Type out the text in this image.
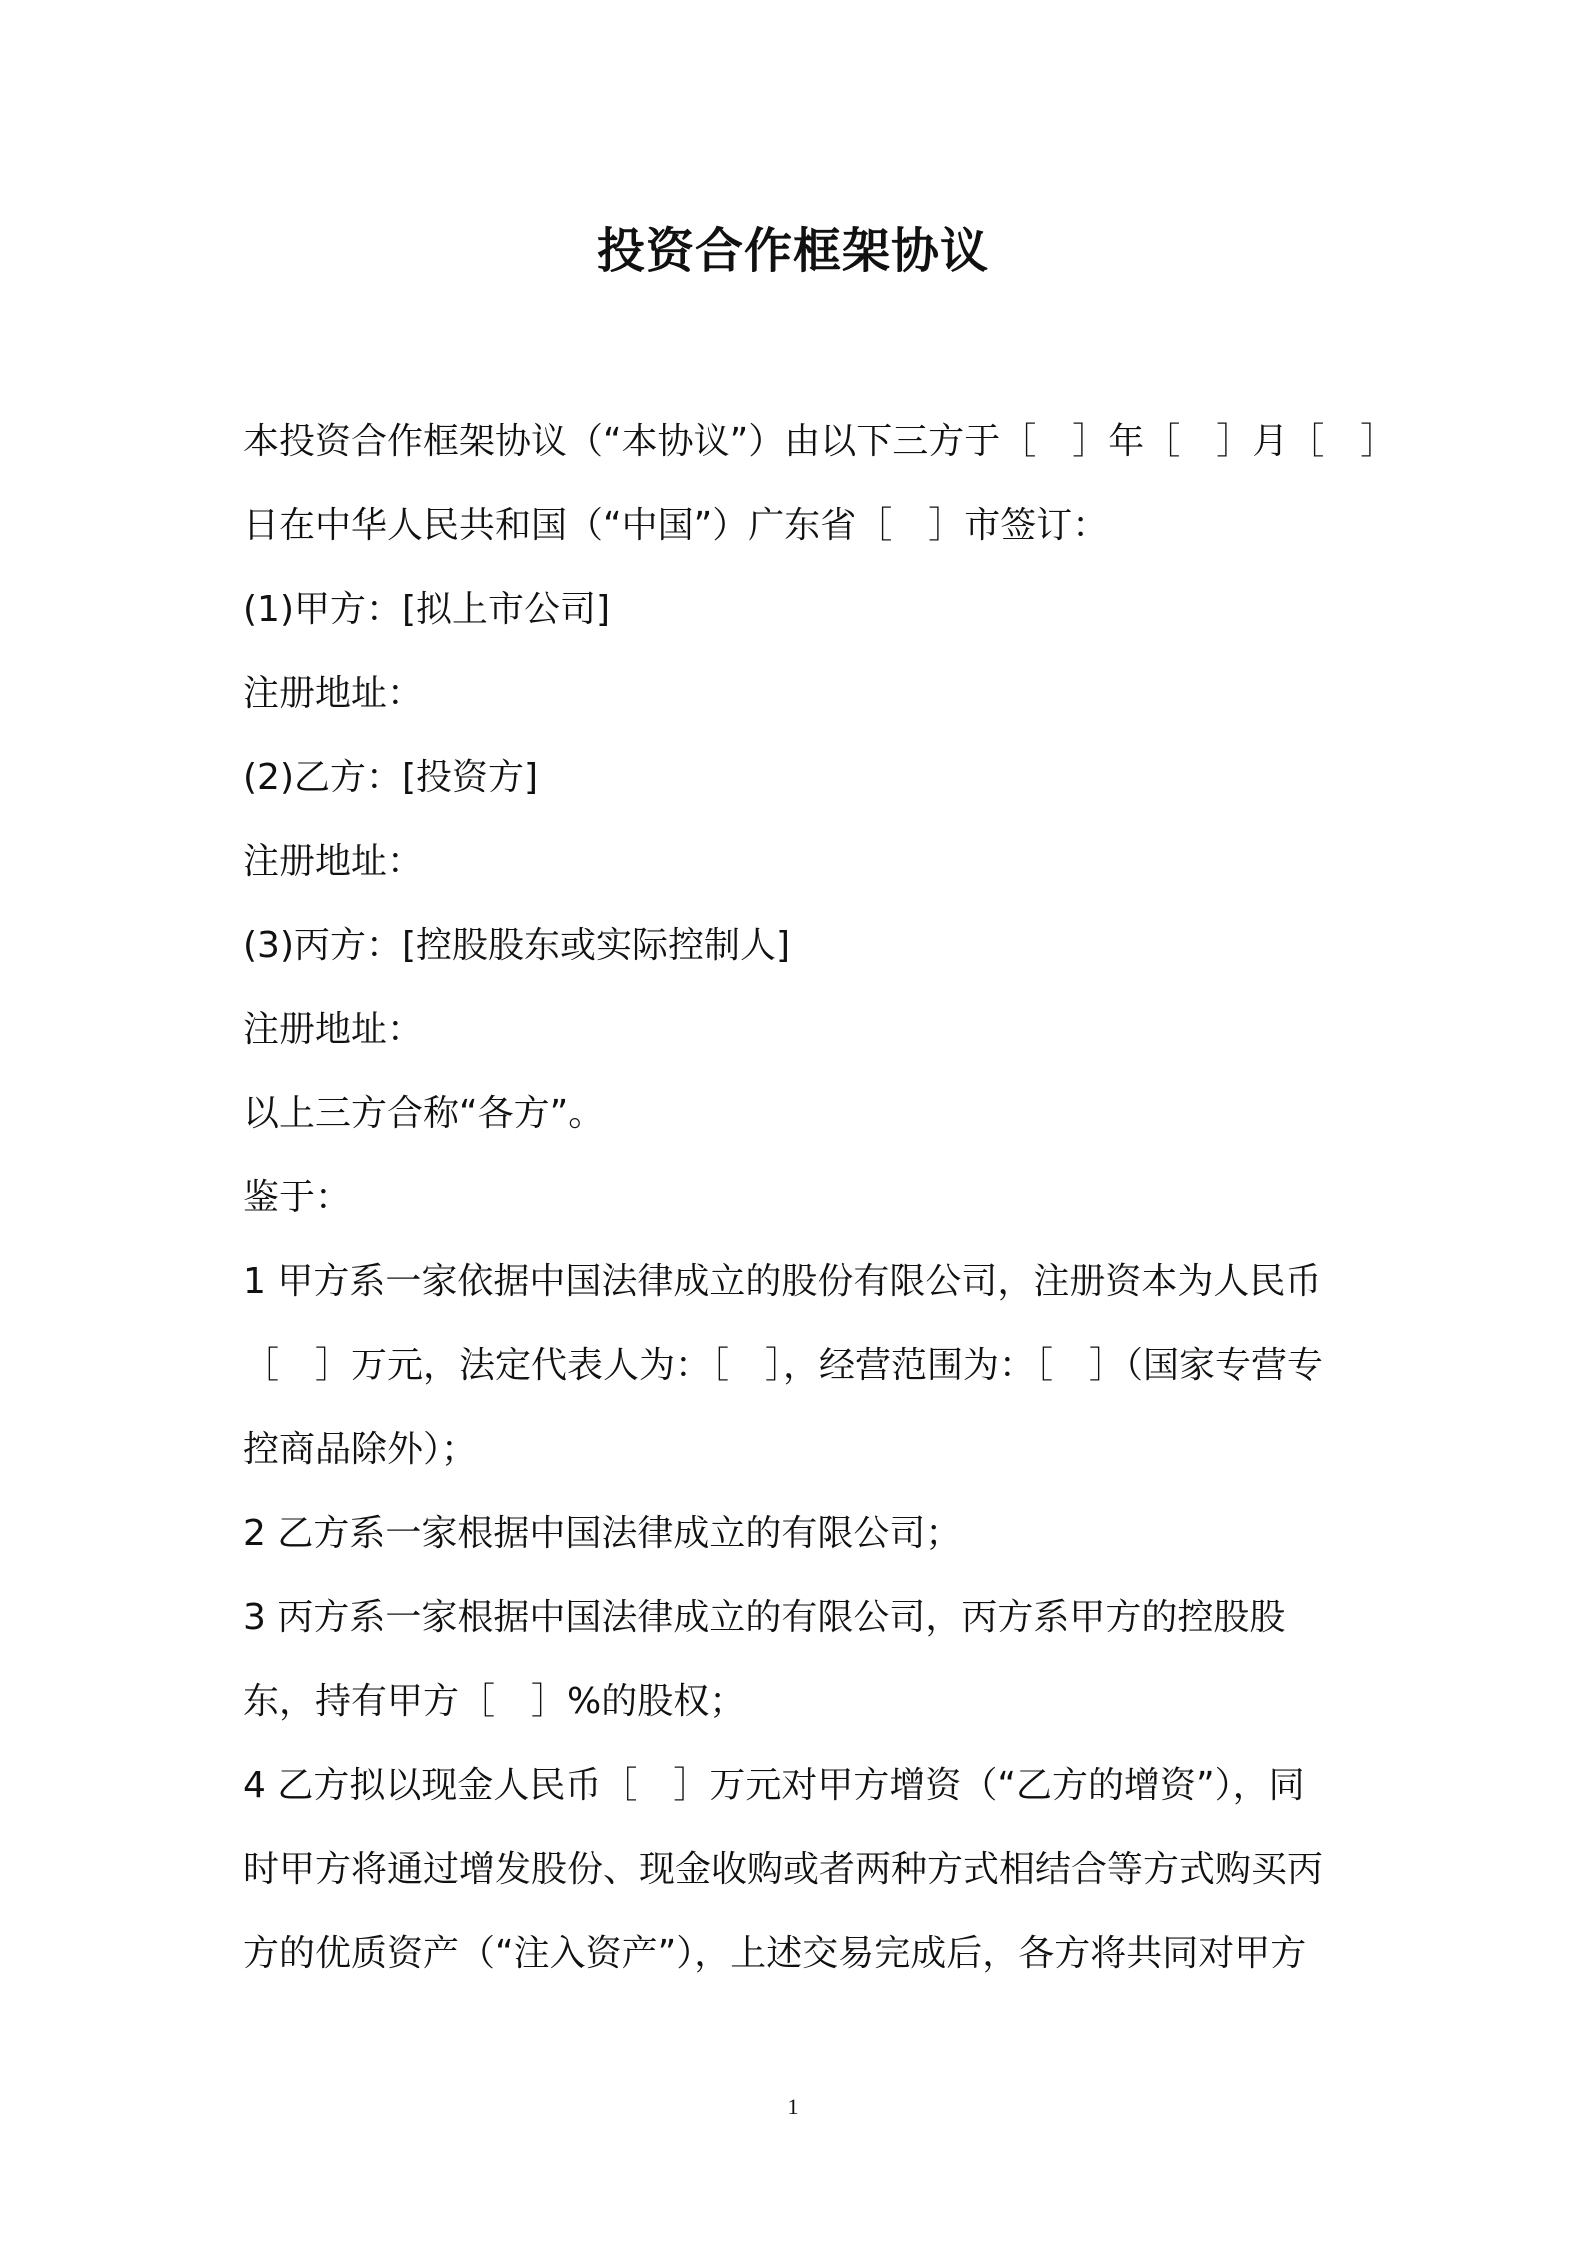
投资合作框架协议
本投资合作框架协议（“本协议”）由以下三方于［　］年［　］月［　］
日在中华人民共和国（“中国”）广东省［　］市签订：
(1)甲方：[拟上市公司]
注册地址：
(2)乙方：[投资方]
注册地址：
(3)丙方：[控股股东或实际控制人]
注册地址：
以上三方合称“各方”。
鉴于：
1 甲方系一家依据中国法律成立的股份有限公司，注册资本为人民币
［　］万元，法定代表人为：［　］，经营范围为：［　］（国家专营专
控商品除外）；
2 乙方系一家根据中国法律成立的有限公司；
3 丙方系一家根据中国法律成立的有限公司，丙方系甲方的控股股
东，持有甲方［　］%的股权；
4 乙方拟以现金人民币［　］万元对甲方增资（“乙方的增资”），同
时甲方将通过增发股份、现金收购或者两种方式相结合等方式购买丙
方的优质资产（“注入资产”），上述交易完成后，各方将共同对甲方
1
